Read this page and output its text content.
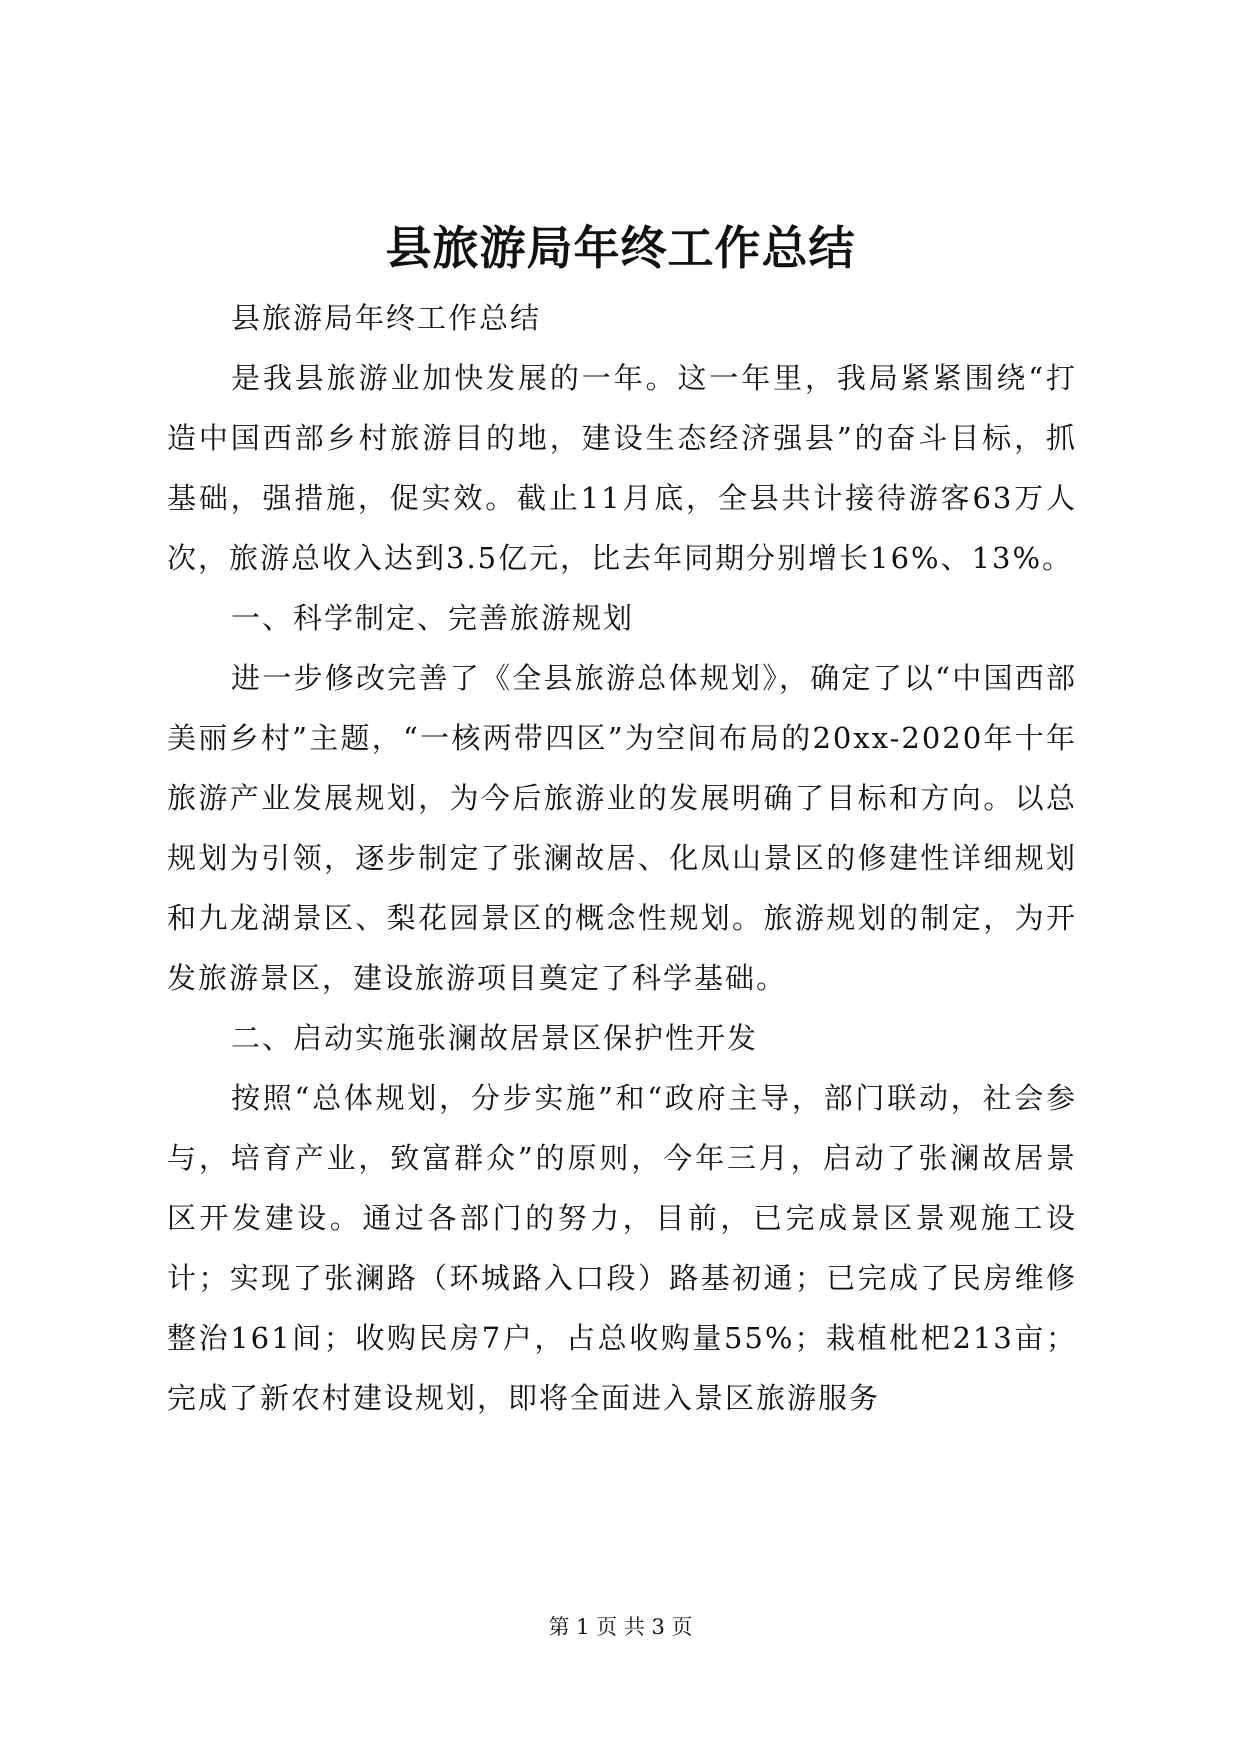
县旅游局年终工作总结

县旅游局年终工作总结

是我县旅游业加快发展的一年。这一年里，我局紧紧围绕“打造中国西部乡村旅游目的地，建设生态经济强县”的奋斗目标，抓基础，强措施，促实效。截止11月底，全县共计接待游客63万人次，旅游总收入达到3.5亿元，比去年同期分别增长16%、13%。

一、科学制定、完善旅游规划

进一步修改完善了《全县旅游总体规划》，确定了以“中国西部美丽乡村”主题，“一核两带四区”为空间布局的20xx-2020年十年旅游产业发展规划，为今后旅游业的发展明确了目标和方向。以总规划为引领，逐步制定了张澜故居、化凤山景区的修建性详细规划和九龙湖景区、梨花园景区的概念性规划。旅游规划的制定，为开发旅游景区，建设旅游项目奠定了科学基础。

二、启动实施张澜故居景区保护性开发

按照“总体规划，分步实施”和“政府主导，部门联动，社会参与，培育产业，致富群众”的原则，今年三月，启动了张澜故居景区开发建设。通过各部门的努力，目前，已完成景区景观施工设计；实现了张澜路（环城路入口段）路基初通；已完成了民房维修整治161间；收购民房7户，占总收购量55%；栽植枇杷213亩；完成了新农村建设规划，即将全面进入景区旅游服务

第 1 页 共 3 页
